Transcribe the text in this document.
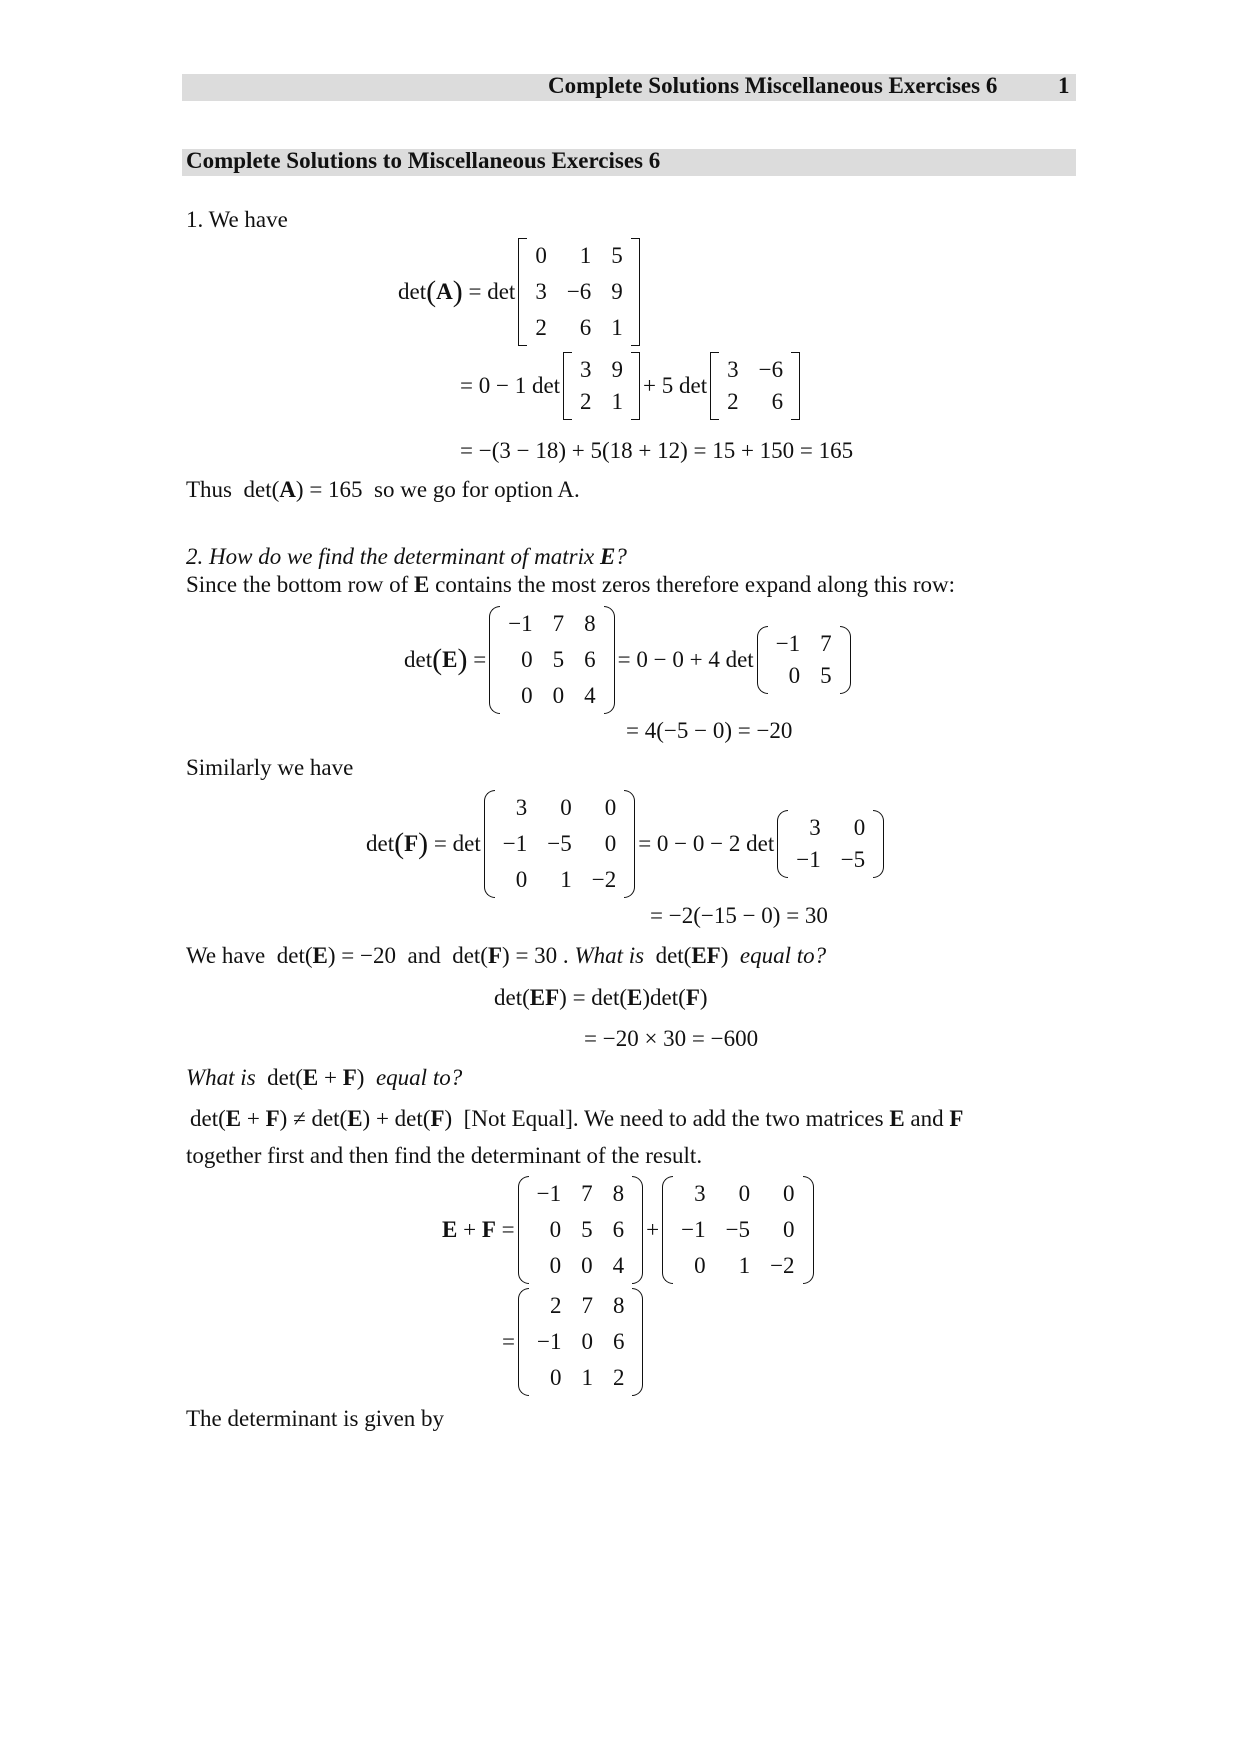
Complete Solutions Miscellaneous Exercises 6	1
Complete Solutions to Miscellaneous Exercises 6
1. We have
det ( A ) = det
0	1 5
3 −6 9
2	6 1
= 0 − 1 det
3 9
2 1
+ 5 det
3 −6
2	6
= −(3 − 18) + 5(18 + 12) = 15 + 150 = 165
Thus  det(A) = 165 so we go for option A.
2. How do we find the determinant of matrix E?
Since the bottom row of E contains the most zeros therefore expand along this row:
det ( E ) =
−1 7 8
0 5 6
0 0 4
= 0 − 0 + 4 det
−1 7
0 5
= 4(−5 − 0) = −20
Similarly we have
det ( F ) = det
3	0	0
−1 −5	0
0	1 −2
= 0 − 0 − 2 det
3	0
−1 −5
= −2(−15 − 0) = 30
We have  det(E) = −20 and  det(F) = 30 . What is  det(EF)  equal to?
det(EF) = det(E)det(F)
= −20 × 30 = −600
What is  det(E + F)  equal to?
det(E + F) ≠ det(E) + det(F)  [Not Equal]. We need to add the two matrices E and F
together first and then find the determinant of the result.
E + F =
−1 7 8
0 5 6
0 0 4
+
3	0	0
−1 −5	0
0	1 −2
=
2 7 8
−1 0 6
0 1 2
The determinant is given by
